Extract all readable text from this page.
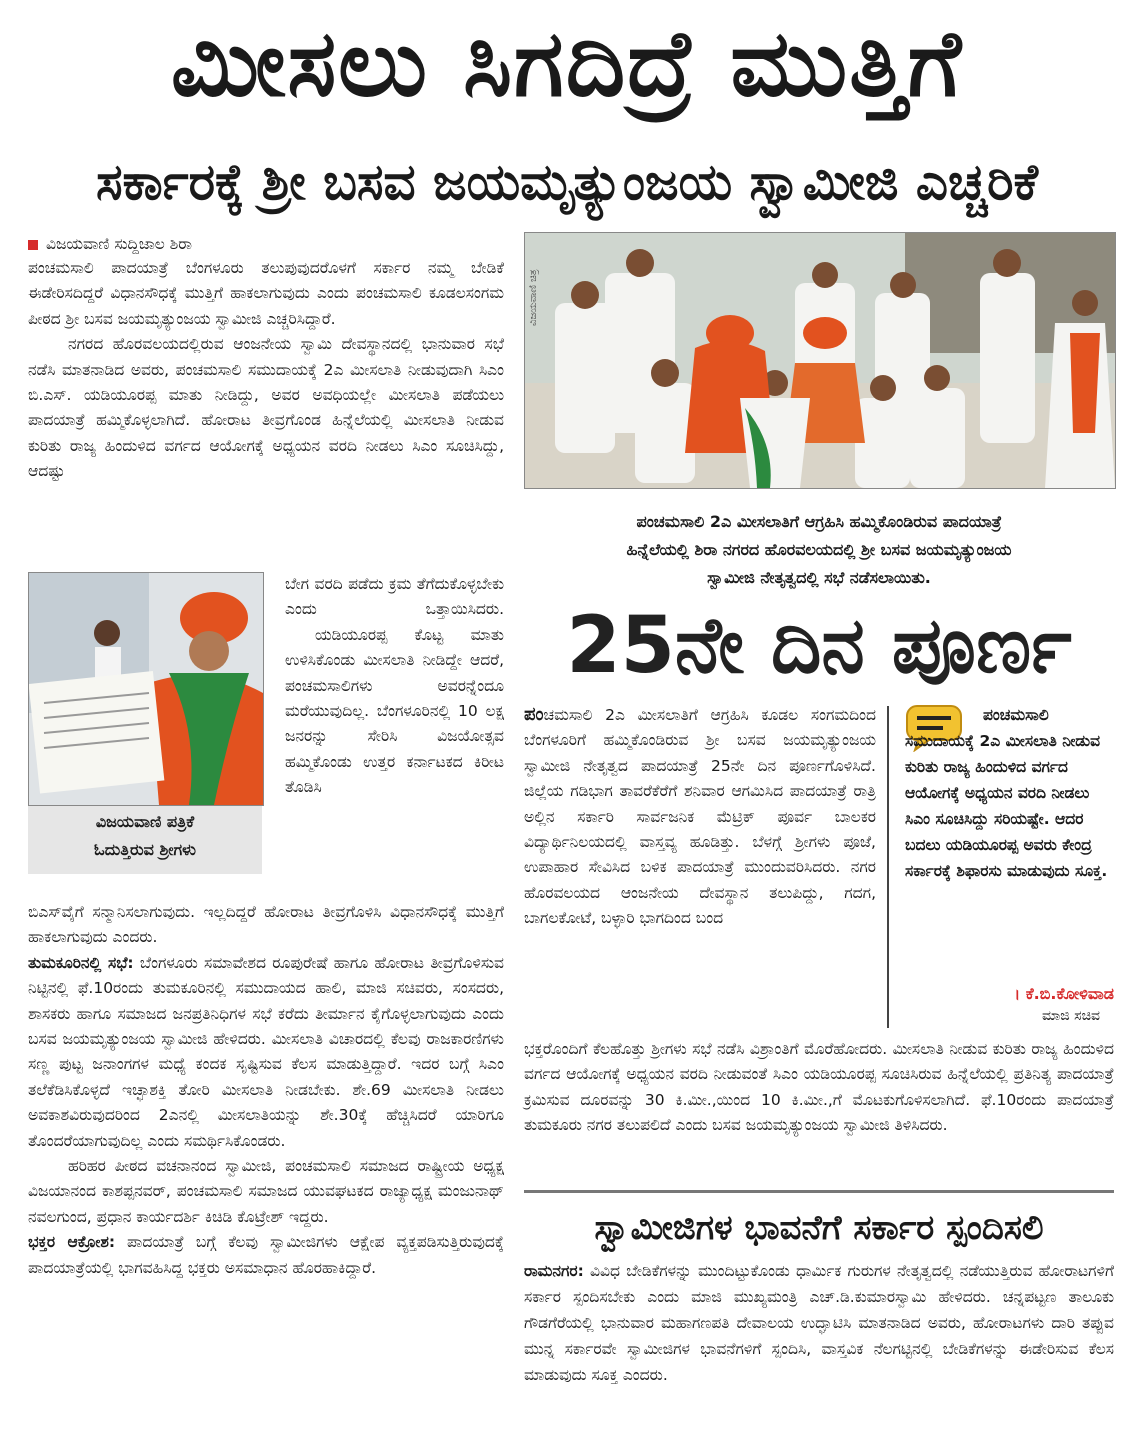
ಮೀಸಲು ಸಿಗದಿದ್ರೆ ಮುತ್ತಿಗೆ
ಸರ್ಕಾರಕ್ಕೆ ಶ್ರೀ ಬಸವ ಜಯಮೃತ್ಯುಂಜಯ ಸ್ವಾಮೀಜಿ ಎಚ್ಚರಿಕೆ
ವಿಜಯವಾಣಿ ಸುದ್ದಿಜಾಲ ಶಿರಾ

ಪಂಚಮಸಾಲಿ ಪಾದಯಾತ್ರೆ ಬೆಂಗಳೂರು ತಲುಪುವುದರೊಳಗೆ ಸರ್ಕಾರ ನಮ್ಮ ಬೇಡಿಕೆ ಈಡೇರಿಸದಿದ್ದರೆ ವಿಧಾನಸೌಧಕ್ಕೆ ಮುತ್ತಿಗೆ ಹಾಕಲಾಗುವುದು ಎಂದು ಪಂಚಮಸಾಲಿ ಕೂಡಲಸಂಗಮ ಪೀಠದ ಶ್ರೀ ಬಸವ ಜಯಮೃತ್ಯುಂಜಯ ಸ್ವಾಮೀಜಿ ಎಚ್ಚರಿಸಿದ್ದಾರೆ.

ನಗರದ ಹೊರವಲಯದಲ್ಲಿರುವ ಆಂಜನೇಯ ಸ್ವಾಮಿ ದೇವಸ್ಥಾನದಲ್ಲಿ ಭಾನುವಾರ ಸಭೆ ನಡೆಸಿ ಮಾತನಾಡಿದ ಅವರು, ಪಂಚಮಸಾಲಿ ಸಮುದಾಯಕ್ಕೆ 2ಎ ಮೀಸಲಾತಿ ನೀಡುವುದಾಗಿ ಸಿಎಂ ಬಿ.ಎಸ್. ಯಡಿಯೂರಪ್ಪ ಮಾತು ನೀಡಿದ್ದು, ಅವರ ಅವಧಿಯಲ್ಲೇ ಮೀಸಲಾತಿ ಪಡೆಯಲು ಪಾದಯಾತ್ರೆ ಹಮ್ಮಿಕೊಳ್ಳಲಾಗಿದೆ. ಹೋರಾಟ ತೀವ್ರಗೊಂಡ ಹಿನ್ನೆಲೆಯಲ್ಲಿ ಮೀಸಲಾತಿ ನೀಡುವ ಕುರಿತು ರಾಜ್ಯ ಹಿಂದುಳಿದ ವರ್ಗದ ಆಯೋಗಕ್ಕೆ ಅಧ್ಯಯನ ವರದಿ ನೀಡಲು ಸಿಎಂ ಸೂಚಿಸಿದ್ದು, ಆದಷ್ಟು

ವಿಜಯವಾಣಿ ಪತ್ರಿಕೆ
ಓದುತ್ತಿರುವ ಶ್ರೀಗಳು

ಬೇಗ ವರದಿ ಪಡೆದು ಕ್ರಮ ತೆಗೆದುಕೊಳ್ಳಬೇಕು ಎಂದು ಒತ್ತಾಯಿಸಿದರು.

ಯಡಿಯೂರಪ್ಪ ಕೊಟ್ಟ ಮಾತು ಉಳಿಸಿಕೊಂಡು ಮೀಸಲಾತಿ ನೀಡಿದ್ದೇ ಆದರೆ, ಪಂಚಮಸಾಲಿಗಳು ಅವರನ್ನೆಂದೂ ಮರೆಯುವುದಿಲ್ಲ. ಬೆಂಗಳೂರಿನಲ್ಲಿ 10 ಲಕ್ಷ ಜನರನ್ನು ಸೇರಿಸಿ ವಿಜಯೋತ್ಸವ ಹಮ್ಮಿಕೊಂಡು ಉತ್ತರ ಕರ್ನಾಟಕದ ಕಿರೀಟ ತೊಡಿಸಿ

ಬಿಎಸ್‌ವೈಗೆ ಸನ್ಮಾನಿಸಲಾಗುವುದು. ಇಲ್ಲದಿದ್ದರೆ ಹೋರಾಟ ತೀವ್ರಗೊಳಿಸಿ ವಿಧಾನಸೌಧಕ್ಕೆ ಮುತ್ತಿಗೆ ಹಾಕಲಾಗುವುದು ಎಂದರು.

ತುಮಕೂರಿನಲ್ಲಿ ಸಭೆ: ಬೆಂಗಳೂರು ಸಮಾವೇಶದ ರೂಪುರೇಷೆ ಹಾಗೂ ಹೋರಾಟ ತೀವ್ರಗೊಳಿಸುವ ನಿಟ್ಟಿನಲ್ಲಿ ಫೆ.10ರಂದು ತುಮಕೂರಿನಲ್ಲಿ ಸಮುದಾಯದ ಹಾಲಿ, ಮಾಜಿ ಸಚಿವರು, ಸಂಸದರು, ಶಾಸಕರು ಹಾಗೂ ಸಮಾಜದ ಜನಪ್ರತಿನಿಧಿಗಳ ಸಭೆ ಕರೆದು ತೀರ್ಮಾನ ಕೈಗೊಳ್ಳಲಾಗುವುದು ಎಂದು ಬಸವ ಜಯಮೃತ್ಯುಂಜಯ ಸ್ವಾಮೀಜಿ ಹೇಳಿದರು. ಮೀಸಲಾತಿ ವಿಚಾರದಲ್ಲಿ ಕೆಲವು ರಾಜಕಾರಣಿಗಳು ಸಣ್ಣ ಪುಟ್ಟ ಜನಾಂಗಗಳ ಮಧ್ಯೆ ಕಂದಕ ಸೃಷ್ಟಿಸುವ ಕೆಲಸ ಮಾಡುತ್ತಿದ್ದಾರೆ. ಇದರ ಬಗ್ಗೆ ಸಿಎಂ ತಲೆಕೆಡಿಸಿಕೊಳ್ಳದೆ ಇಚ್ಛಾಶಕ್ತಿ ತೋರಿ ಮೀಸಲಾತಿ ನೀಡಬೇಕು. ಶೇ.69 ಮೀಸಲಾತಿ ನೀಡಲು ಅವಕಾಶವಿರುವುದರಿಂದ 2ಎನಲ್ಲಿ ಮೀಸಲಾತಿಯನ್ನು ಶೇ.30ಕ್ಕೆ ಹೆಚ್ಚಿಸಿದರೆ ಯಾರಿಗೂ ತೊಂದರೆಯಾಗುವುದಿಲ್ಲ ಎಂದು ಸಮರ್ಥಿಸಿಕೊಂಡರು.

ಹರಿಹರ ಪೀಠದ ವಚನಾನಂದ ಸ್ವಾಮೀಜಿ, ಪಂಚಮಸಾಲಿ ಸಮಾಜದ ರಾಷ್ಟ್ರೀಯ ಅಧ್ಯಕ್ಷ ವಿಜಯಾನಂದ ಕಾಶಪ್ಪನವರ್, ಪಂಚಮಸಾಲಿ ಸಮಾಜದ ಯುವಘಟಕದ ರಾಜ್ಯಾಧ್ಯಕ್ಷ ಮಂಜುನಾಥ್ ನವಲಗುಂದ, ಪ್ರಧಾನ ಕಾರ್ಯದರ್ಶಿ ಕಿಚಿಡಿ ಕೊಟ್ರೇಶ್ ಇದ್ದರು.

ಭಕ್ತರ ಆಕ್ರೋಶ: ಪಾದಯಾತ್ರೆ ಬಗ್ಗೆ ಕೆಲವು ಸ್ವಾಮೀಜಿಗಳು ಆಕ್ಷೇಪ ವ್ಯಕ್ತಪಡಿಸುತ್ತಿರುವುದಕ್ಕೆ ಪಾದಯಾತ್ರೆಯಲ್ಲಿ ಭಾಗವಹಿಸಿದ್ದ ಭಕ್ತರು ಅಸಮಾಧಾನ ಹೊರಹಾಕಿದ್ದಾರೆ.

ವಿಜಯವಾಣಿ ಚಿತ್ರ
ಪಂಚಮಸಾಲಿ 2ಎ ಮೀಸಲಾತಿಗೆ ಆಗ್ರಹಿಸಿ ಹಮ್ಮಿಕೊಂಡಿರುವ ಪಾದಯಾತ್ರೆ
ಹಿನ್ನೆಲೆಯಲ್ಲಿ ಶಿರಾ ನಗರದ ಹೊರವಲಯದಲ್ಲಿ ಶ್ರೀ ಬಸವ ಜಯಮೃತ್ಯುಂಜಯ
ಸ್ವಾಮೀಜಿ ನೇತೃತ್ವದಲ್ಲಿ ಸಭೆ ನಡೆಸಲಾಯಿತು.
25ನೇ ದಿನ ಪೂರ್ಣ

ಪಂಚಮಸಾಲಿ 2ಎ ಮೀಸಲಾತಿಗೆ ಆಗ್ರಹಿಸಿ ಕೂಡಲ ಸಂಗಮದಿಂದ ಬೆಂಗಳೂರಿಗೆ ಹಮ್ಮಿಕೊಂಡಿರುವ ಶ್ರೀ ಬಸವ ಜಯಮೃತ್ಯುಂಜಯ ಸ್ವಾಮೀಜಿ ನೇತೃತ್ವದ ಪಾದಯಾತ್ರೆ 25ನೇ ದಿನ ಪೂರ್ಣಗೊಳಿಸಿದೆ. ಜಿಲ್ಲೆಯ ಗಡಿಭಾಗ ತಾವರೆಕೆರೆಗೆ ಶನಿವಾರ ಆಗಮಿಸಿದ ಪಾದಯಾತ್ರೆ ರಾತ್ರಿ ಅಲ್ಲಿನ ಸರ್ಕಾರಿ ಸಾರ್ವಜನಿಕ ಮೆಟ್ರಿಕ್ ಪೂರ್ವ ಬಾಲಕರ ವಿದ್ಯಾರ್ಥಿನಿಲಯದಲ್ಲಿ ವಾಸ್ತವ್ಯ ಹೂಡಿತ್ತು. ಬೆಳಗ್ಗೆ ಶ್ರೀಗಳು ಪೂಜೆ, ಉಪಾಹಾರ ಸೇವಿಸಿದ ಬಳಿಕ ಪಾದಯಾತ್ರೆ ಮುಂದುವರಿಸಿದರು. ನಗರ ಹೊರವಲಯದ ಆಂಜನೇಯ ದೇವಸ್ಥಾನ ತಲುಪಿದ್ದು, ಗದಗ, ಬಾಗಲಕೋಟೆ, ಬಳ್ಳಾರಿ ಭಾಗದಿಂದ ಬಂದ

ಪಂಚಮಸಾಲಿ ಸಮುದಾಯಕ್ಕೆ 2ಎ ಮೀಸಲಾತಿ ನೀಡುವ ಕುರಿತು ರಾಜ್ಯ ಹಿಂದುಳಿದ ವರ್ಗದ ಆಯೋಗಕ್ಕೆ ಅಧ್ಯಯನ ವರದಿ ನೀಡಲು ಸಿಎಂ ಸೂಚಿಸಿದ್ದು ಸರಿಯಷ್ಟೇ. ಆದರ ಬದಲು ಯಡಿಯೂರಪ್ಪ ಅವರು ಕೇಂದ್ರ ಸರ್ಕಾರಕ್ಕೆ ಶಿಫಾರಸು ಮಾಡುವುದು ಸೂಕ್ತ.
। ಕೆ.ಬಿ.ಕೋಳಿವಾಡ
ಮಾಜಿ ಸಚಿವ

ಭಕ್ತರೊಂದಿಗೆ ಕೆಲಹೊತ್ತು ಶ್ರೀಗಳು ಸಭೆ ನಡೆಸಿ ವಿಶ್ರಾಂತಿಗೆ ಮೊರೆಹೋದರು. ಮೀಸಲಾತಿ ನೀಡುವ ಕುರಿತು ರಾಜ್ಯ ಹಿಂದುಳಿದ ವರ್ಗದ ಆಯೋಗಕ್ಕೆ ಅಧ್ಯಯನ ವರದಿ ನೀಡುವಂತೆ ಸಿಎಂ ಯಡಿಯೂರಪ್ಪ ಸೂಚಿಸಿರುವ ಹಿನ್ನೆಲೆಯಲ್ಲಿ ಪ್ರತಿನಿತ್ಯ ಪಾದಯಾತ್ರೆ ಕ್ರಮಿಸುವ ದೂರವನ್ನು 30 ಕಿ.ಮೀ.,ಯಿಂದ 10 ಕಿ.ಮೀ.,ಗೆ ಮೊಟಕುಗೊಳಿಸಲಾಗಿದೆ. ಫೆ.10ರಂದು ಪಾದಯಾತ್ರೆ ತುಮಕೂರು ನಗರ ತಲುಪಲಿದೆ ಎಂದು ಬಸವ ಜಯಮೃತ್ಯುಂಜಯ ಸ್ವಾಮೀಜಿ ತಿಳಿಸಿದರು.

ಸ್ವಾಮೀಜಿಗಳ ಭಾವನೆಗೆ ಸರ್ಕಾರ ಸ್ಪಂದಿಸಲಿ

ರಾಮನಗರ: ವಿವಿಧ ಬೇಡಿಕೆಗಳನ್ನು ಮುಂದಿಟ್ಟುಕೊಂಡು ಧಾರ್ಮಿಕ ಗುರುಗಳ ನೇತೃತ್ವದಲ್ಲಿ ನಡೆಯುತ್ತಿರುವ ಹೋರಾಟಗಳಿಗೆ ಸರ್ಕಾರ ಸ್ಪಂದಿಸಬೇಕು ಎಂದು ಮಾಜಿ ಮುಖ್ಯಮಂತ್ರಿ ಎಚ್.ಡಿ.ಕುಮಾರಸ್ವಾಮಿ ಹೇಳಿದರು. ಚನ್ನಪಟ್ಟಣ ತಾಲೂಕು ಗೌಡಗೆರೆಯಲ್ಲಿ ಭಾನುವಾರ ಮಹಾಗಣಪತಿ ದೇವಾಲಯ ಉದ್ಘಾಟಿಸಿ ಮಾತನಾಡಿದ ಅವರು, ಹೋರಾಟಗಳು ದಾರಿ ತಪ್ಪುವ ಮುನ್ನ ಸರ್ಕಾರವೇ ಸ್ವಾಮೀಜಿಗಳ ಭಾವನೆಗಳಿಗೆ ಸ್ಪಂದಿಸಿ, ವಾಸ್ತವಿಕ ನೆಲಗಟ್ಟಿನಲ್ಲಿ ಬೇಡಿಕೆಗಳನ್ನು ಈಡೇರಿಸುವ ಕೆಲಸ ಮಾಡುವುದು ಸೂಕ್ತ ಎಂದರು.
